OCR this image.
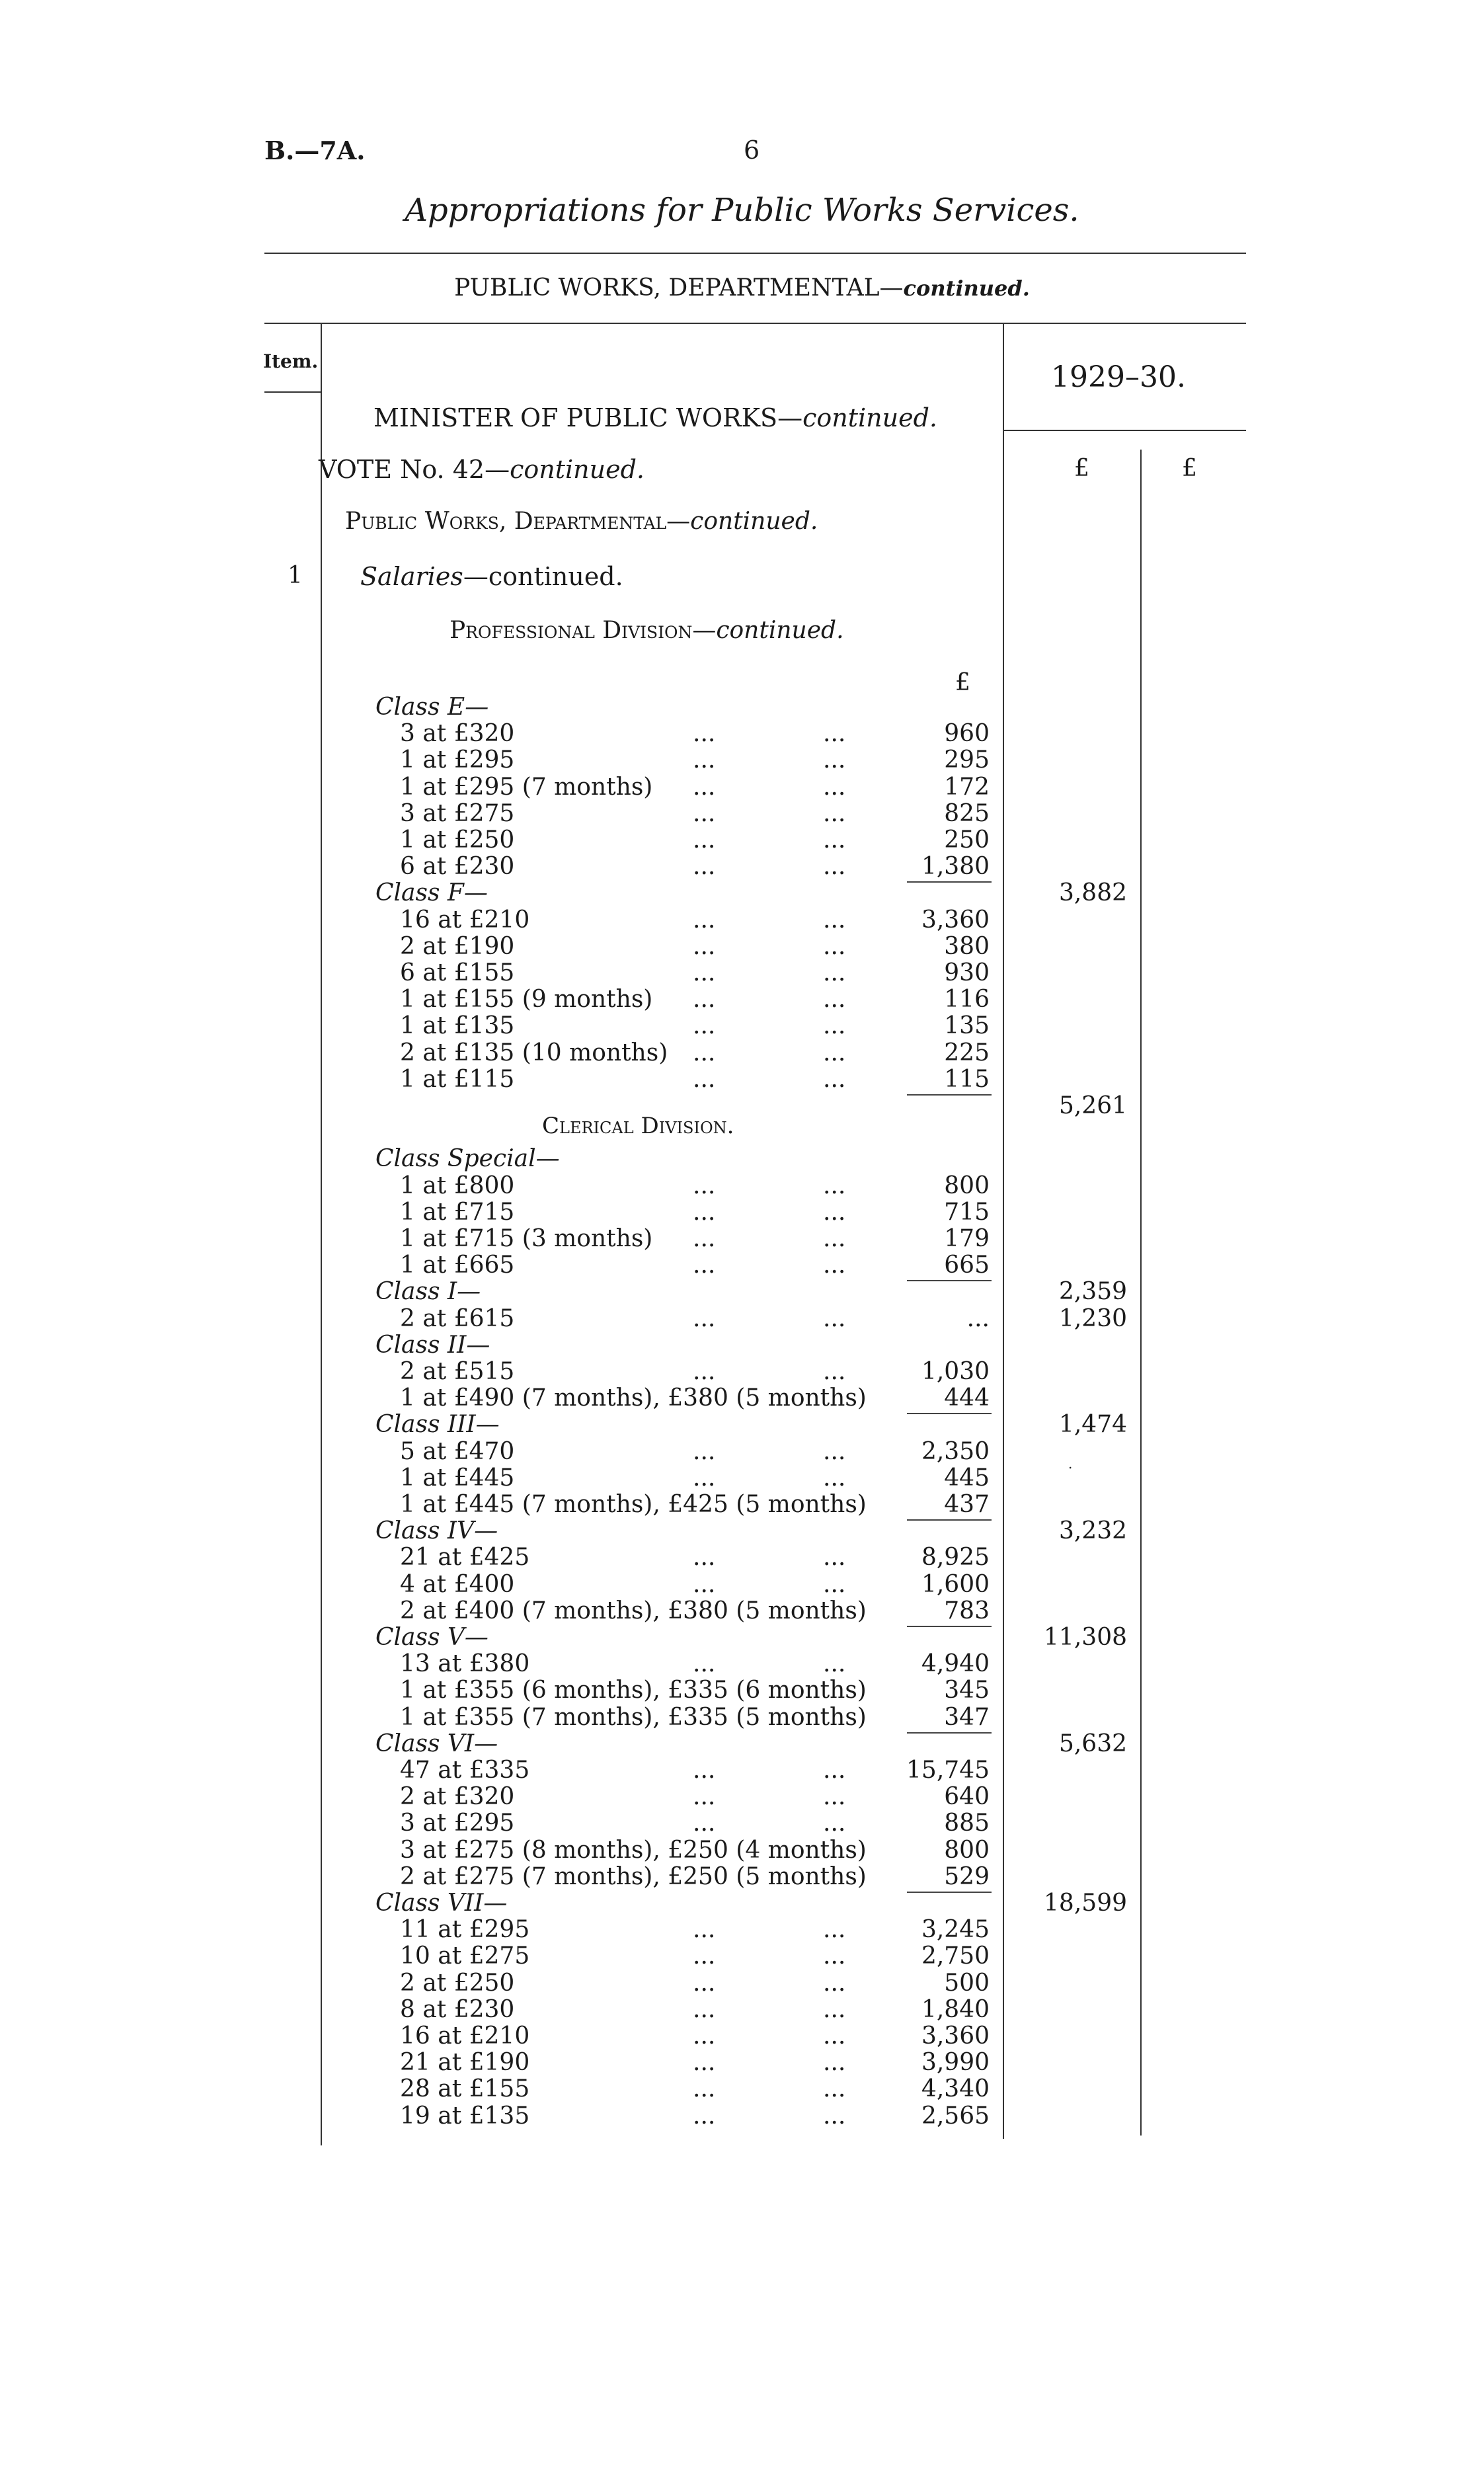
B.—7A.	6
Appropriations for Public Works Services.
PUBLIC WORKS, DEPARTMENTAL—continued.
Item.	1929–30.
£	£
MINISTER OF PUBLIC WORKS—continued.
VOTE No. 42—continued.
Public Works, Departmental—continued.
1 Salaries—continued.
Professional Division—continued.
Clerical Division.
£
Class E—
3 at £320	...	...	960
1 at £295	...	...	295
1 at £295 (7 months) ...	...	172
3 at £275	...	...	825
1 at £250	...	...	250
6 at £230	...	...	1,380
Class F—	3,882
16 at £210	...	...	3,360
2 at £190	...	...	380
6 at £155	...	...	930
1 at £155 (9 months) ...	...	116
1 at £135	...	...	135
2 at £135 (10 months) ...	...	225
1 at £115	...	...	115
5,261
Class Special—
1 at £800	...	...	800
1 at £715	...	...	715
1 at £715 (3 months) ...	...	179
1 at £665	...	...	665
Class I—	2,359
2 at £615	...	...	...	1,230
Class II—
2 at £515	...	...	1,030
1 at £490 (7 months), £380 (5 months)	444
Class III—	1,474
5 at £470	...	...	2,350
1 at £445	...	...	445
1 at £445 (7 months), £425 (5 months)	437
Class IV—	3,232
21 at £425	...	...	8,925
4 at £400	...	...	1,600
2 at £400 (7 months), £380 (5 months)	783
Class V—	11,308
13 at £380	...	...	4,940
1 at £355 (6 months), £335 (6 months)	345
1 at £355 (7 months), £335 (5 months)	347
Class VI—	5,632
47 at £335	...	...	15,745
2 at £320	...	...	640
3 at £295	...	...	885
3 at £275 (8 months), £250 (4 months)	800
2 at £275 (7 months), £250 (5 months)	529
Class VII—	18,599
11 at £295	...	...	3,245
10 at £275	...	...	2,750
2 at £250	...	...	500
8 at £230	...	...	1,840
16 at £210	...	...	3,360
21 at £190	...	...	3,990
28 at £155	...	...	4,340
19 at £135	...	...	2,565
.
